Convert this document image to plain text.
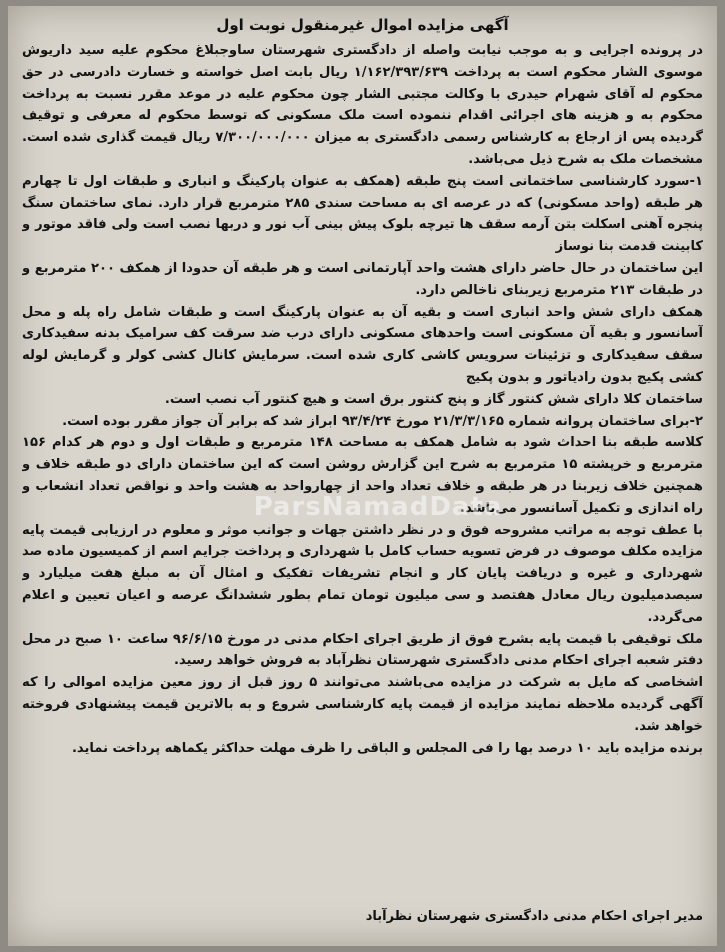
آگهی مزایده اموال غیرمنقول نوبت اول

در پرونده اجرایی و به موجب نیابت واصله از دادگستری شهرستان ساوجبلاغ محکوم علیه سید داریوش موسوی الشار محکوم است به پرداخت ۱/۱۶۲/۳۹۳/۶۳۹ ریال بابت اصل خواسته و خسارت دادرسی در حق محکوم له آقای شهرام حیدری با وکالت مجتبی الشار چون محکوم علیه در موعد مقرر نسبت به پرداخت محکوم به و هزینه های اجرائی اقدام ننموده است ملک مسکونی که توسط محکوم له معرفی و توقیف گردیده پس از ارجاع به کارشناس رسمی دادگستری به میزان ۷/۳۰۰/۰۰۰/۰۰۰ ریال قیمت گذاری شده است. مشخصات ملک به شرح ذیل می‌باشد.

۱-سورد کارشناسی ساختمانی است پنج طبقه (همکف به عنوان پارکینگ و انباری و طبقات اول تا چهارم هر طبقه (واحد مسکونی) که در عرصه ای به مساحت سندی ۲۸۵ مترمربع قرار دارد. نمای ساختمان سنگ پنجره آهنی اسکلت بتن آرمه سقف ها تیرچه بلوک پیش بینی آب نور و دربها نصب است ولی فاقد موتور و کابینت قدمت بنا نوساز

این ساختمان در حال حاضر دارای هشت واحد آپارتمانی است و هر طبقه آن حدودا از همکف ۲۰۰ مترمربع و در طبقات ۲۱۳ مترمربع زیربنای ناخالص دارد.

همکف دارای شش واحد انباری است و بقیه آن به عنوان پارکینگ است و طبقات شامل راه پله و محل آسانسور و بقیه آن مسکونی است واحدهای مسکونی دارای درب ضد سرقت کف سرامیک بدنه سفیدکاری سقف سفیدکاری و تزئینات سرویس کاشی کاری شده است. سرمایش کانال کشی کولر و گرمایش لوله کشی پکیج بدون رادیاتور و بدون پکیج

ساختمان کلا دارای شش کنتور گاز و پنج کنتور برق است و هیچ کنتور آب نصب است.

۲-برای ساختمان پروانه شماره ۲۱/۳/۳/۱۶۵ مورخ ۹۳/۴/۲۴ ابراز شد که برابر آن جواز مقرر بوده است.

کلاسه طبقه بنا احداث شود به شامل همکف به مساحت ۱۴۸ مترمربع و طبقات اول و دوم هر کدام ۱۵۶ مترمربع و خرپشته ۱۵ مترمربع به شرح این گزارش روشن است که این ساختمان دارای دو طبقه خلاف و همچنین خلاف زیربنا در هر طبقه و خلاف تعداد واحد از چهارواحد به هشت واحد و نواقص تعداد انشعاب و راه اندازی و تکمیل آسانسور می‌باشد.

با عطف توجه به مراتب مشروحه فوق و در نظر داشتن جهات و جوانب موثر و معلوم در ارزیابی قیمت پایه مزایده مکلف موصوف در فرض تسویه حساب کامل با شهرداری و پرداخت جرایم اسم از کمیسیون ماده صد شهرداری و غیره و دریافت پایان کار و انجام تشریفات تفکیک و امثال آن به مبلغ هفت میلیارد و سیصدمیلیون ریال معادل هفتصد و سی میلیون تومان تمام بطور ششدانگ عرصه و اعیان تعیین و اعلام می‌گردد.

ملک توقیفی با قیمت پایه بشرح فوق از طریق اجرای احکام مدنی در مورخ ۹۶/۶/۱۵ ساعت ۱۰ صبح در محل دفتر شعبه اجرای احکام مدنی دادگستری شهرستان نظرآباد به فروش خواهد رسید.

اشخاصی که مایل به شرکت در مزایده می‌باشند می‌توانند ۵ روز قبل از روز معین مزایده اموالی را که آگهی گردیده ملاحظه نمایند مزایده از قیمت پایه کارشناسی شروع و به بالاترین قیمت پیشنهادی فروخته خواهد شد.

برنده مزایده باید ۱۰ درصد بها را فی المجلس و الباقی را ظرف مهلت حداکثر یکماهه پرداخت نماید.

ParsNamadData
مدیر اجرای احکام مدنی دادگستری شهرستان نظرآباد
